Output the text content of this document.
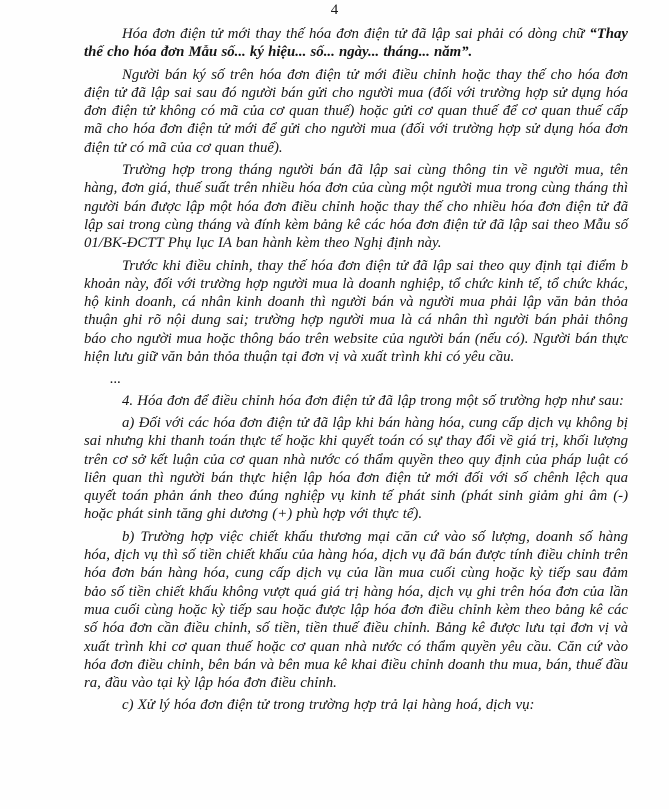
4

Hóa đơn điện tử mới thay thế hóa đơn điện tử đã lập sai phải có dòng chữ “Thay thế cho hóa đơn Mẫu số... ký hiệu... số... ngày... tháng... năm”.

Người bán ký số trên hóa đơn điện tử mới điều chỉnh hoặc thay thế cho hóa đơn điện tử đã lập sai sau đó người bán gửi cho người mua (đối với trường hợp sử dụng hóa đơn điện tử không có mã của cơ quan thuế) hoặc gửi cơ quan thuế để cơ quan thuế cấp mã cho hóa đơn điện tử mới để gửi cho người mua (đối với trường hợp sử dụng hóa đơn điện tử có mã của cơ quan thuế).

Trường hợp trong tháng người bán đã lập sai cùng thông tin về người mua, tên hàng, đơn giá, thuế suất trên nhiều hóa đơn của cùng một người mua trong cùng tháng thì người bán được lập một hóa đơn điều chỉnh hoặc thay thế cho nhiều hóa đơn điện tử đã lập sai trong cùng tháng và đính kèm bảng kê các hóa đơn điện tử đã lập sai theo Mẫu số 01/BK-ĐCTT Phụ lục IA ban hành kèm theo Nghị định này.

Trước khi điều chỉnh, thay thế hóa đơn điện tử đã lập sai theo quy định tại điểm b khoản này, đối với trường hợp người mua là doanh nghiệp, tổ chức kinh tế, tổ chức khác, hộ kinh doanh, cá nhân kinh doanh thì người bán và người mua phải lập văn bản thỏa thuận ghi rõ nội dung sai; trường hợp người mua là cá nhân thì người bán phải thông báo cho người mua hoặc thông báo trên website của người bán (nếu có). Người bán thực hiện lưu giữ văn bản thỏa thuận tại đơn vị và xuất trình khi có yêu cầu.

...

4. Hóa đơn để điều chỉnh hóa đơn điện tử đã lập trong một số trường hợp như sau:

a) Đối với các hóa đơn điện tử đã lập khi bán hàng hóa, cung cấp dịch vụ không bị sai nhưng khi thanh toán thực tế hoặc khi quyết toán có sự thay đổi về giá trị, khối lượng trên cơ sở kết luận của cơ quan nhà nước có thẩm quyền theo quy định của pháp luật có liên quan thì người bán thực hiện lập hóa đơn điện tử mới đối với số chênh lệch qua quyết toán phản ánh theo đúng nghiệp vụ kinh tế phát sinh (phát sinh giảm ghi âm (-) hoặc phát sinh tăng ghi dương (+) phù hợp với thực tế).

b) Trường hợp việc chiết khấu thương mại căn cứ vào số lượng, doanh số hàng hóa, dịch vụ thì số tiền chiết khấu của hàng hóa, dịch vụ đã bán được tính điều chỉnh trên hóa đơn bán hàng hóa, cung cấp dịch vụ của lần mua cuối cùng hoặc kỳ tiếp sau đảm bảo số tiền chiết khấu không vượt quá giá trị hàng hóa, dịch vụ ghi trên hóa đơn của lần mua cuối cùng hoặc kỳ tiếp sau hoặc được lập hóa đơn điều chỉnh kèm theo bảng kê các số hóa đơn cần điều chỉnh, số tiền, tiền thuế điều chỉnh. Bảng kê được lưu tại đơn vị và xuất trình khi cơ quan thuế hoặc cơ quan nhà nước có thẩm quyền yêu cầu. Căn cứ vào hóa đơn điều chỉnh, bên bán và bên mua kê khai điều chỉnh doanh thu mua, bán, thuế đầu ra, đầu vào tại kỳ lập hóa đơn điều chỉnh.

c) Xử lý hóa đơn điện tử trong trường hợp trả lại hàng hoá, dịch vụ:
